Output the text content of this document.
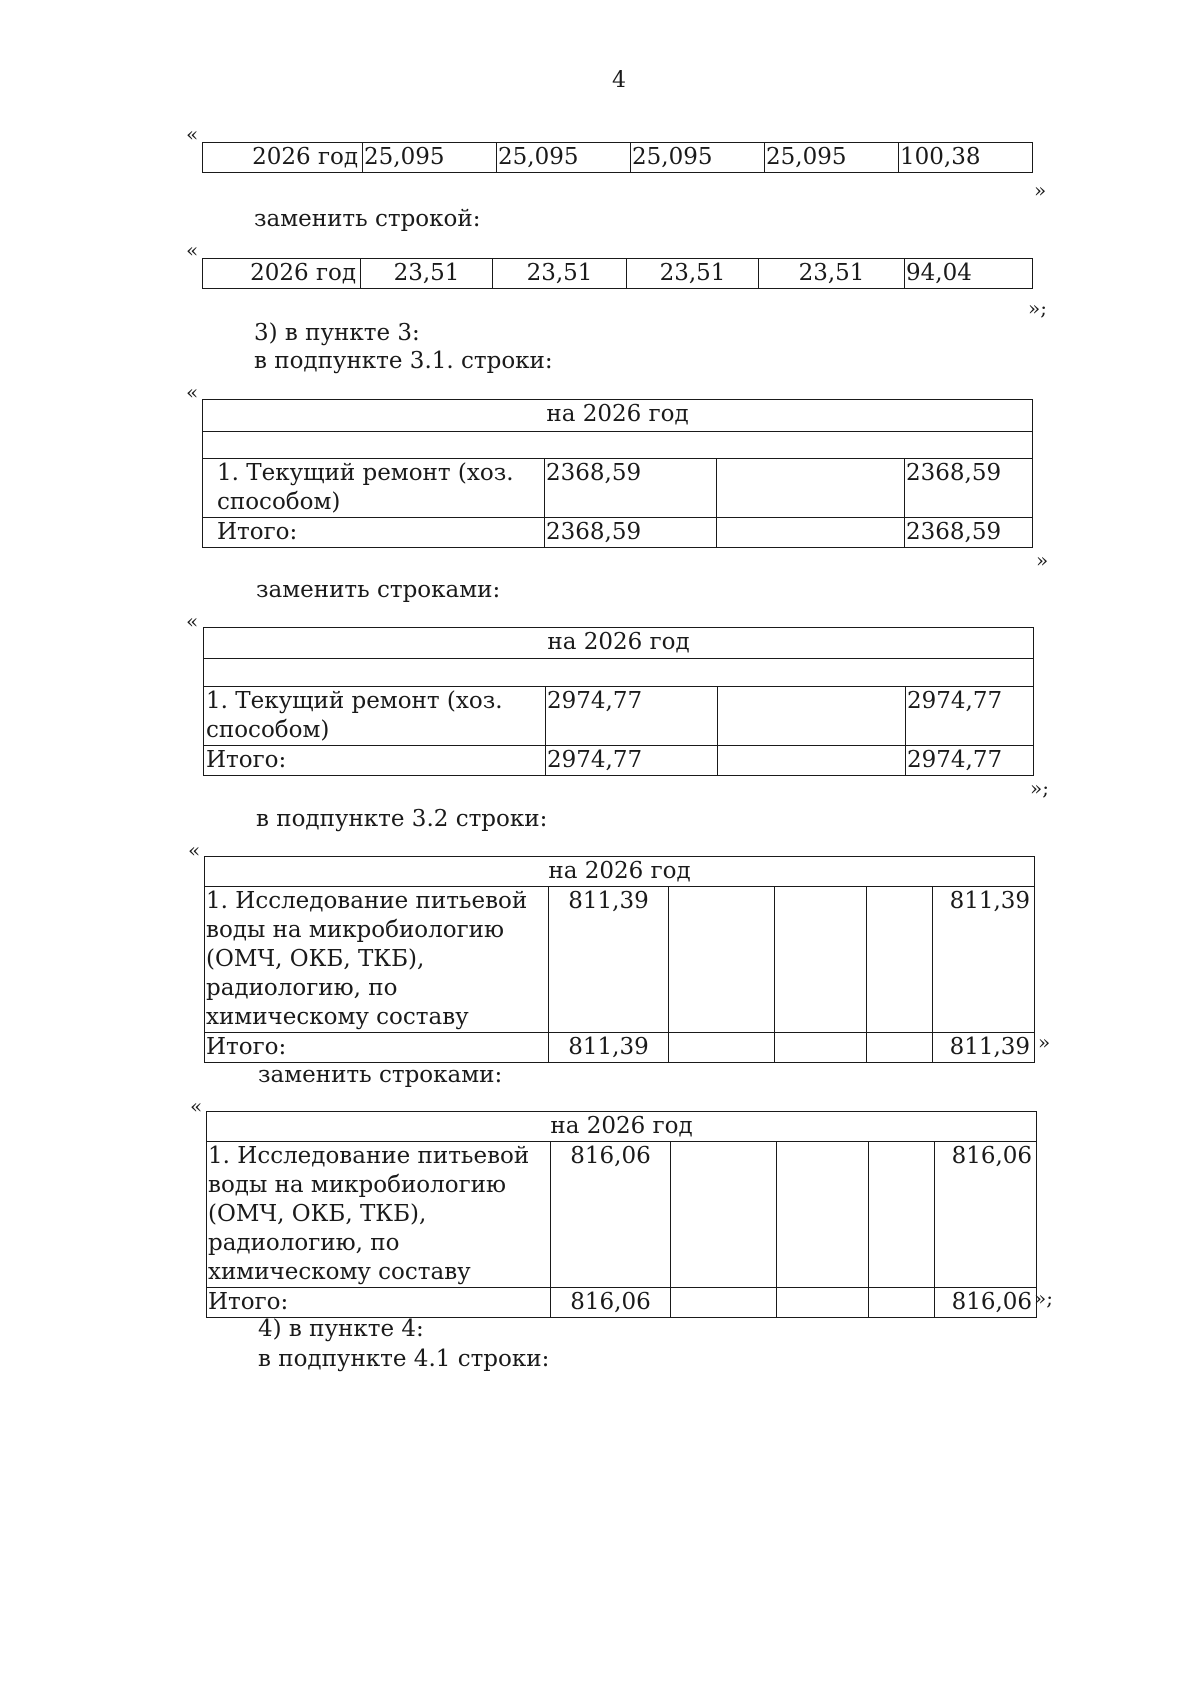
4
«
2026 год	25,095	25,095	25,095	25,095	100,38
»
заменить строкой:
«
2026 год	23,51	23,51	23,51	23,51	94,04
»;
3) в пункте 3:
в подпункте 3.1. строки:
«
на 2026 год			

1. Текущий ремонт (хоз. способом)	2368,59		2368,59
Итого:	2368,59		2368,59
»
заменить строками:
«
на 2026 год			

1. Текущий ремонт (хоз. способом)	2974,77		2974,77
Итого:	2974,77		2974,77
»;
в подпункте 3.2 строки:
«
на 2026 год					
1. Исследование питьевой воды на микробиологию (ОМЧ, ОКБ, ТКБ), радиологию, по химическому составу	811,39				811,39
Итого:	811,39				811,39 »
заменить строками:
«
на 2026 год					
1. Исследование питьевой воды на микробиологию (ОМЧ, ОКБ, ТКБ), радиологию, по химическому составу	816,06				816,06
Итого:	816,06				816,06 »;
4) в пункте 4:
в подпункте 4.1 строки:
